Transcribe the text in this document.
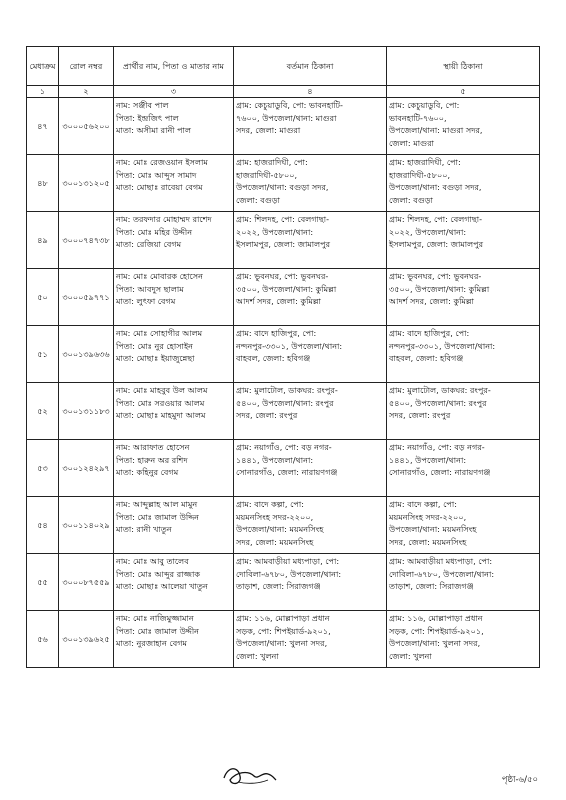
মেধাক্রম	রোল নম্বর	প্রার্থীর নাম, পিতা ও মাতার নাম	বর্তমান ঠিকানা	স্থায়ী ঠিকানা
১	২	৩	৪	৫
৪৭	৩০০০৫৬২০০	নাম: সঞ্জীব পাল
পিতা: ইন্দ্রজিৎ পাল
মাতা: অসীমা রানী পাল	গ্রাম: কেচুয়াডুবি, পো: ভাবনহাটি-
৭৬০০, উপজেলা/থানা: মাগুরা
সদর, জেলা: মাগুরা	গ্রাম: কেচুয়াডুবি, পো:
ভাবনহাটি-৭৬০০,
উপজেলা/থানা: মাগুরা সদর,
জেলা: মাগুরা

৪৮	৩০০১৩১২০৫	নাম: মোঃ রেজওয়ান ইসলাম
পিতা: মোঃ আব্দুস সামাদ
মাতা: মোছাঃ রাবেয়া বেগম	গ্রাম: হাজরাদিঘী, পো:
হাজরাদিঘী-৫৮০০,
উপজেলা/থানা: বগুড়া সদর,
জেলা: বগুড়া	গ্রাম: হাজরাদিঘী, পো:
হাজরাদিঘী-৫৮০০,
উপজেলা/থানা: বগুড়া সদর,
জেলা: বগুড়া

৪৯	৩০০০৭৪৭৩৮	নাম: তরফদার মোহাম্মদ রাশেদ
পিতা: মোঃ মহির উদ্দীন
মাতা: রেজিয়া বেগম	গ্রাম: শিলদহ, পো: বেলগাছা-
২০২২, উপজেলা/থানা:
ইসলামপুর, জেলা: জামালপুর	গ্রাম: শিলদহ, পো: বেলগাছা-
২০২২, উপজেলা/থানা:
ইসলামপুর, জেলা: জামালপুর

৫০	৩০০০৫৯৭৭১	নাম: মোঃ মোবারক হোসেন
পিতা: আবদুস ছালাম
মাতা: লুৎফা বেগম	গ্রাম: ভুবনঘর, পো: ভুবনঘর-
৩৫০০, উপজেলা/থানা: কুমিল্লা
আদর্শ সদর, জেলা: কুমিল্লা	গ্রাম: ভুবনঘর, পো: ভুবনঘর-
৩৫০০, উপজেলা/থানা: কুমিল্লা
আদর্শ সদর, জেলা: কুমিল্লা

৫১	৩০০১৩৯৬৩৬	নাম: মোঃ সোহাগীর আলম
পিতা: মোঃ নুর হোসাইন
মাতা: মোছাঃ ইয়াজুন্নেছা	গ্রাম: বাদে হাজিপুর, পো:
নন্দনপুর-৩৩০১, উপজেলা/থানা:
বাহবল, জেলা: হবিগঞ্জ	গ্রাম: বাদে হাজিপুর, পো:
নন্দনপুর-৩৩০১, উপজেলা/থানা:
বাহবল, জেলা: হবিগঞ্জ

৫২	৩০০১৩১১৮৩	নাম: মোঃ মাহবুব উল আলম
পিতা: মোঃ সরওয়ার আলম
মাতা: মোছাঃ মাহমুদা আলম	গ্রাম: মুলাটোল, ডাকঘর: রংপুর-
৫৪০০, উপজেলা/থানা: রংপুর
সদর, জেলা: রংপুর	গ্রাম: মুলাটোল, ডাকঘর: রংপুর-
৫৪০০, উপজেলা/থানা: রংপুর
সদর, জেলা: রংপুর

৫৩	৩০০১২৪২৯৭	নাম: আরাফাত হোসেন
পিতা: হারুন অর রশিদ
মাতা: কহিনুর বেগম	গ্রাম: নয়াগাঁও, পো: বড় নগর-
১৪৪১, উপজেলা/থানা:
সোনারগাঁও, জেলা: নারায়ণগঞ্জ	গ্রাম: নয়াগাঁও, পো: বড় নগর-
১৪৪১, উপজেলা/থানা:
সোনারগাঁও, জেলা: নারায়ণগঞ্জ

৫৪	৩০০১১৪০২৯	নাম: আব্দুল্লাহ আল মামুন
পিতা: মোঃ জামাল উদ্দিন
মাতা: রানী খাতুন	গ্রাম: বাদে কল্পা, পো:
ময়মনসিংহ সদর-২২০০,
উপজেলা/থানা: ময়মনসিংহ
সদর, জেলা: ময়মনসিংহ	গ্রাম: বাদে কল্পা, পো:
ময়মনসিংহ সদর-২২০০,
উপজেলা/থানা: ময়মনসিংহ
সদর, জেলা: ময়মনসিংহ

৫৫	৩০০০৮৭৫৫৯	নাম: মোঃ আবু তালেব
পিতা: মোঃ আব্দুর রাজ্জাক
মাতা: মোছাঃ আলেয়া খাতুন	গ্রাম: আমবাড়ীয়া মধ্যপাড়া, পো:
দোবিলা-৬৭৮০, উপজেলা/থানা:
তাড়াশ, জেলা: সিরাজগঞ্জ	গ্রাম: আমবাড়ীয়া মধ্যপাড়া, পো:
দোবিলা-৬৭৮০, উপজেলা/থানা:
তাড়াশ, জেলা: সিরাজগঞ্জ

৫৬	৩০০১৩৯৬২৫	নাম: মোঃ নাজিমুজ্জামান
পিতা: মোঃ জামাল উদ্দীন
মাতা: নুরজাহান বেগম	গ্রাম: ১১৬, মোল্লাপাড়া প্রধান
সড়ক, পো: শিপইয়ার্ড-৯২০১,
উপজেলা/থানা: খুলনা সদর,
জেলা: খুলনা	গ্রাম: ১১৬, মোল্লাপাড়া প্রধান
সড়ক, পো: শিপইয়ার্ড-৯২০১,
উপজেলা/থানা: খুলনা সদর,
জেলা: খুলনা
পৃষ্ঠা-৬/৫০
